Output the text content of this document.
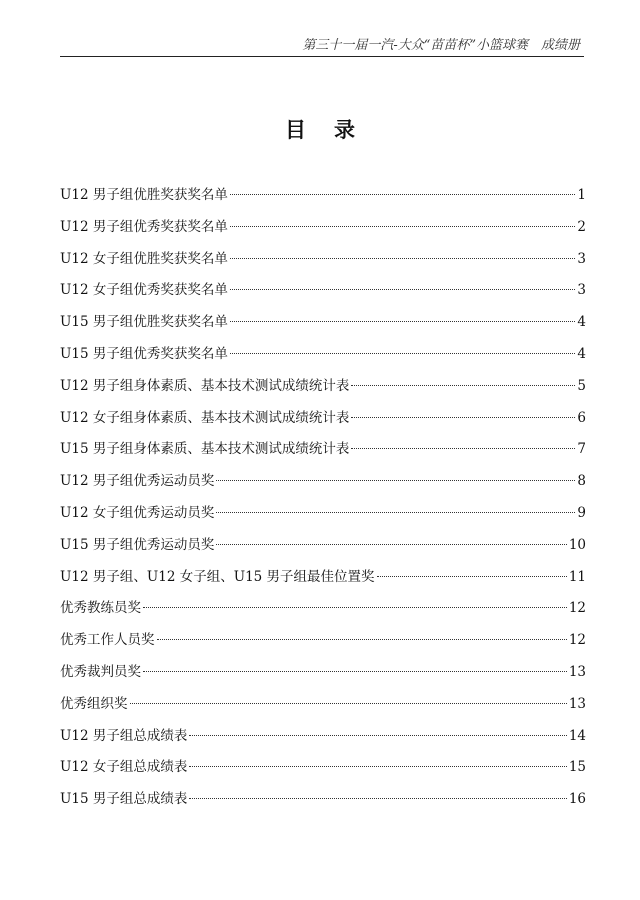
第三十一届一汽-大众“苗苗杯”小篮球赛　成绩册
目录
U12 男子组优胜奖获奖名单	1
U12 男子组优秀奖获奖名单	2
U12 女子组优胜奖获奖名单	3
U12 女子组优秀奖获奖名单	3
U15 男子组优胜奖获奖名单	4
U15 男子组优秀奖获奖名单	4
U12 男子组身体素质、基本技术测试成绩统计表	5
U12 女子组身体素质、基本技术测试成绩统计表	6
U15 男子组身体素质、基本技术测试成绩统计表	7
U12 男子组优秀运动员奖	8
U12 女子组优秀运动员奖	9
U15 男子组优秀运动员奖	10
U12 男子组、U12 女子组、U15 男子组最佳位置奖	11
优秀教练员奖	12
优秀工作人员奖	12
优秀裁判员奖	13
优秀组织奖	13
U12 男子组总成绩表	14
U12 女子组总成绩表	15
U15 男子组总成绩表	16
